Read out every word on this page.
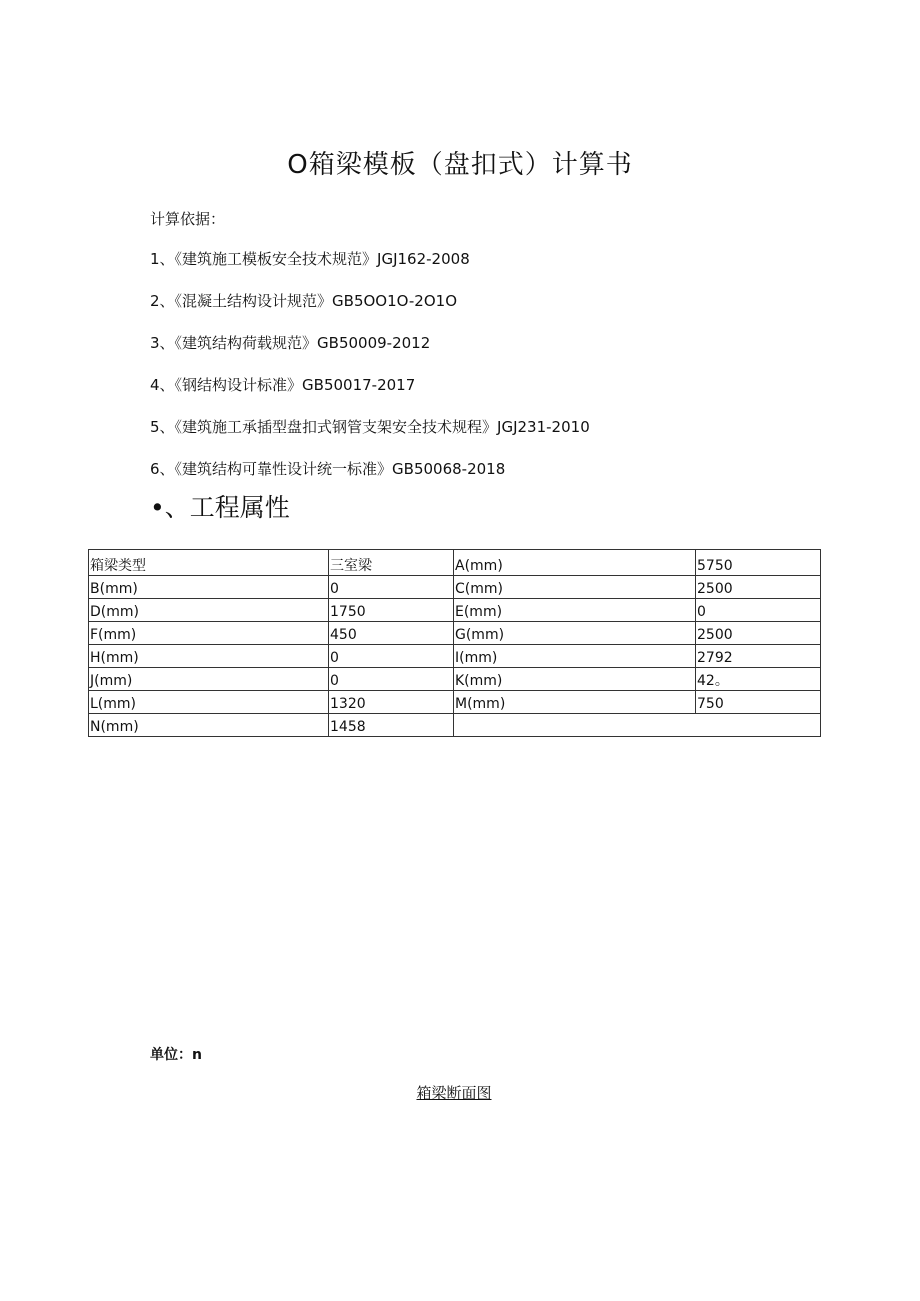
O箱梁模板（盘扣式）计算书
计算依据：
1、《建筑施工模板安全技术规范》JGJ162-2008
2、《混凝土结构设计规范》GB5OO1O-2O1O
3、《建筑结构荷载规范》GB50009-2012
4、《钢结构设计标准》GB50017-2017
5、《建筑施工承插型盘扣式钢管支架安全技术规程》JGJ231-2010
6、《建筑结构可靠性设计统一标准》GB50068-2018
•、工程属性
箱梁类型	三室梁	A(mm)	5750
B(mm)	0	C(mm)	2500
D(mm)	1750	E(mm)	0
F(mm)	450	G(mm)	2500
H(mm)	0	I(mm)	2792
J(mm)	0	K(mm)	42。
L(mm)	1320	M(mm)	750
N(mm)	1458		
单位：n
箱梁断面图
